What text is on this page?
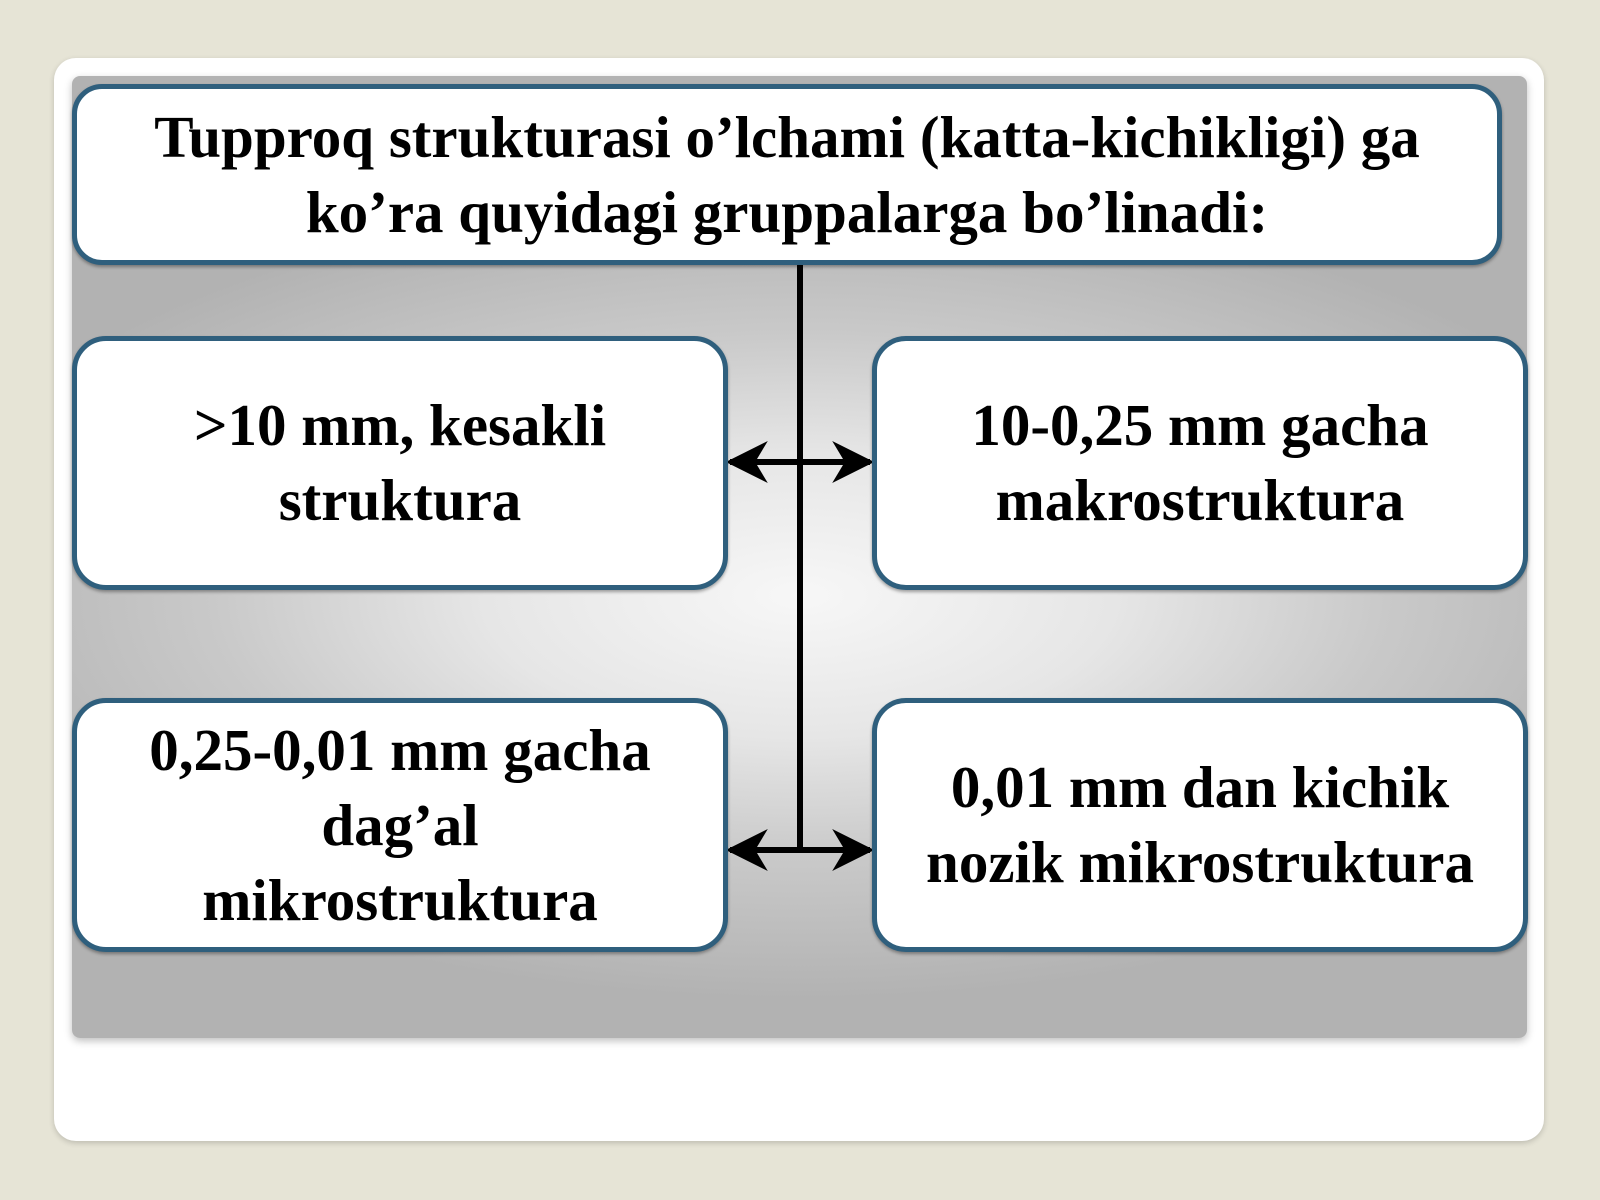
Tupproq strukturasi o’lchami (katta-kichikligi) ga
ko’ra quyidagi gruppalarga bo’linadi:
>10 mm, kesakli
struktura
10-0,25 mm gacha
makrostruktura
0,25-0,01 mm gacha
dag’al
mikrostruktura
0,01 mm dan kichik
nozik mikrostruktura
